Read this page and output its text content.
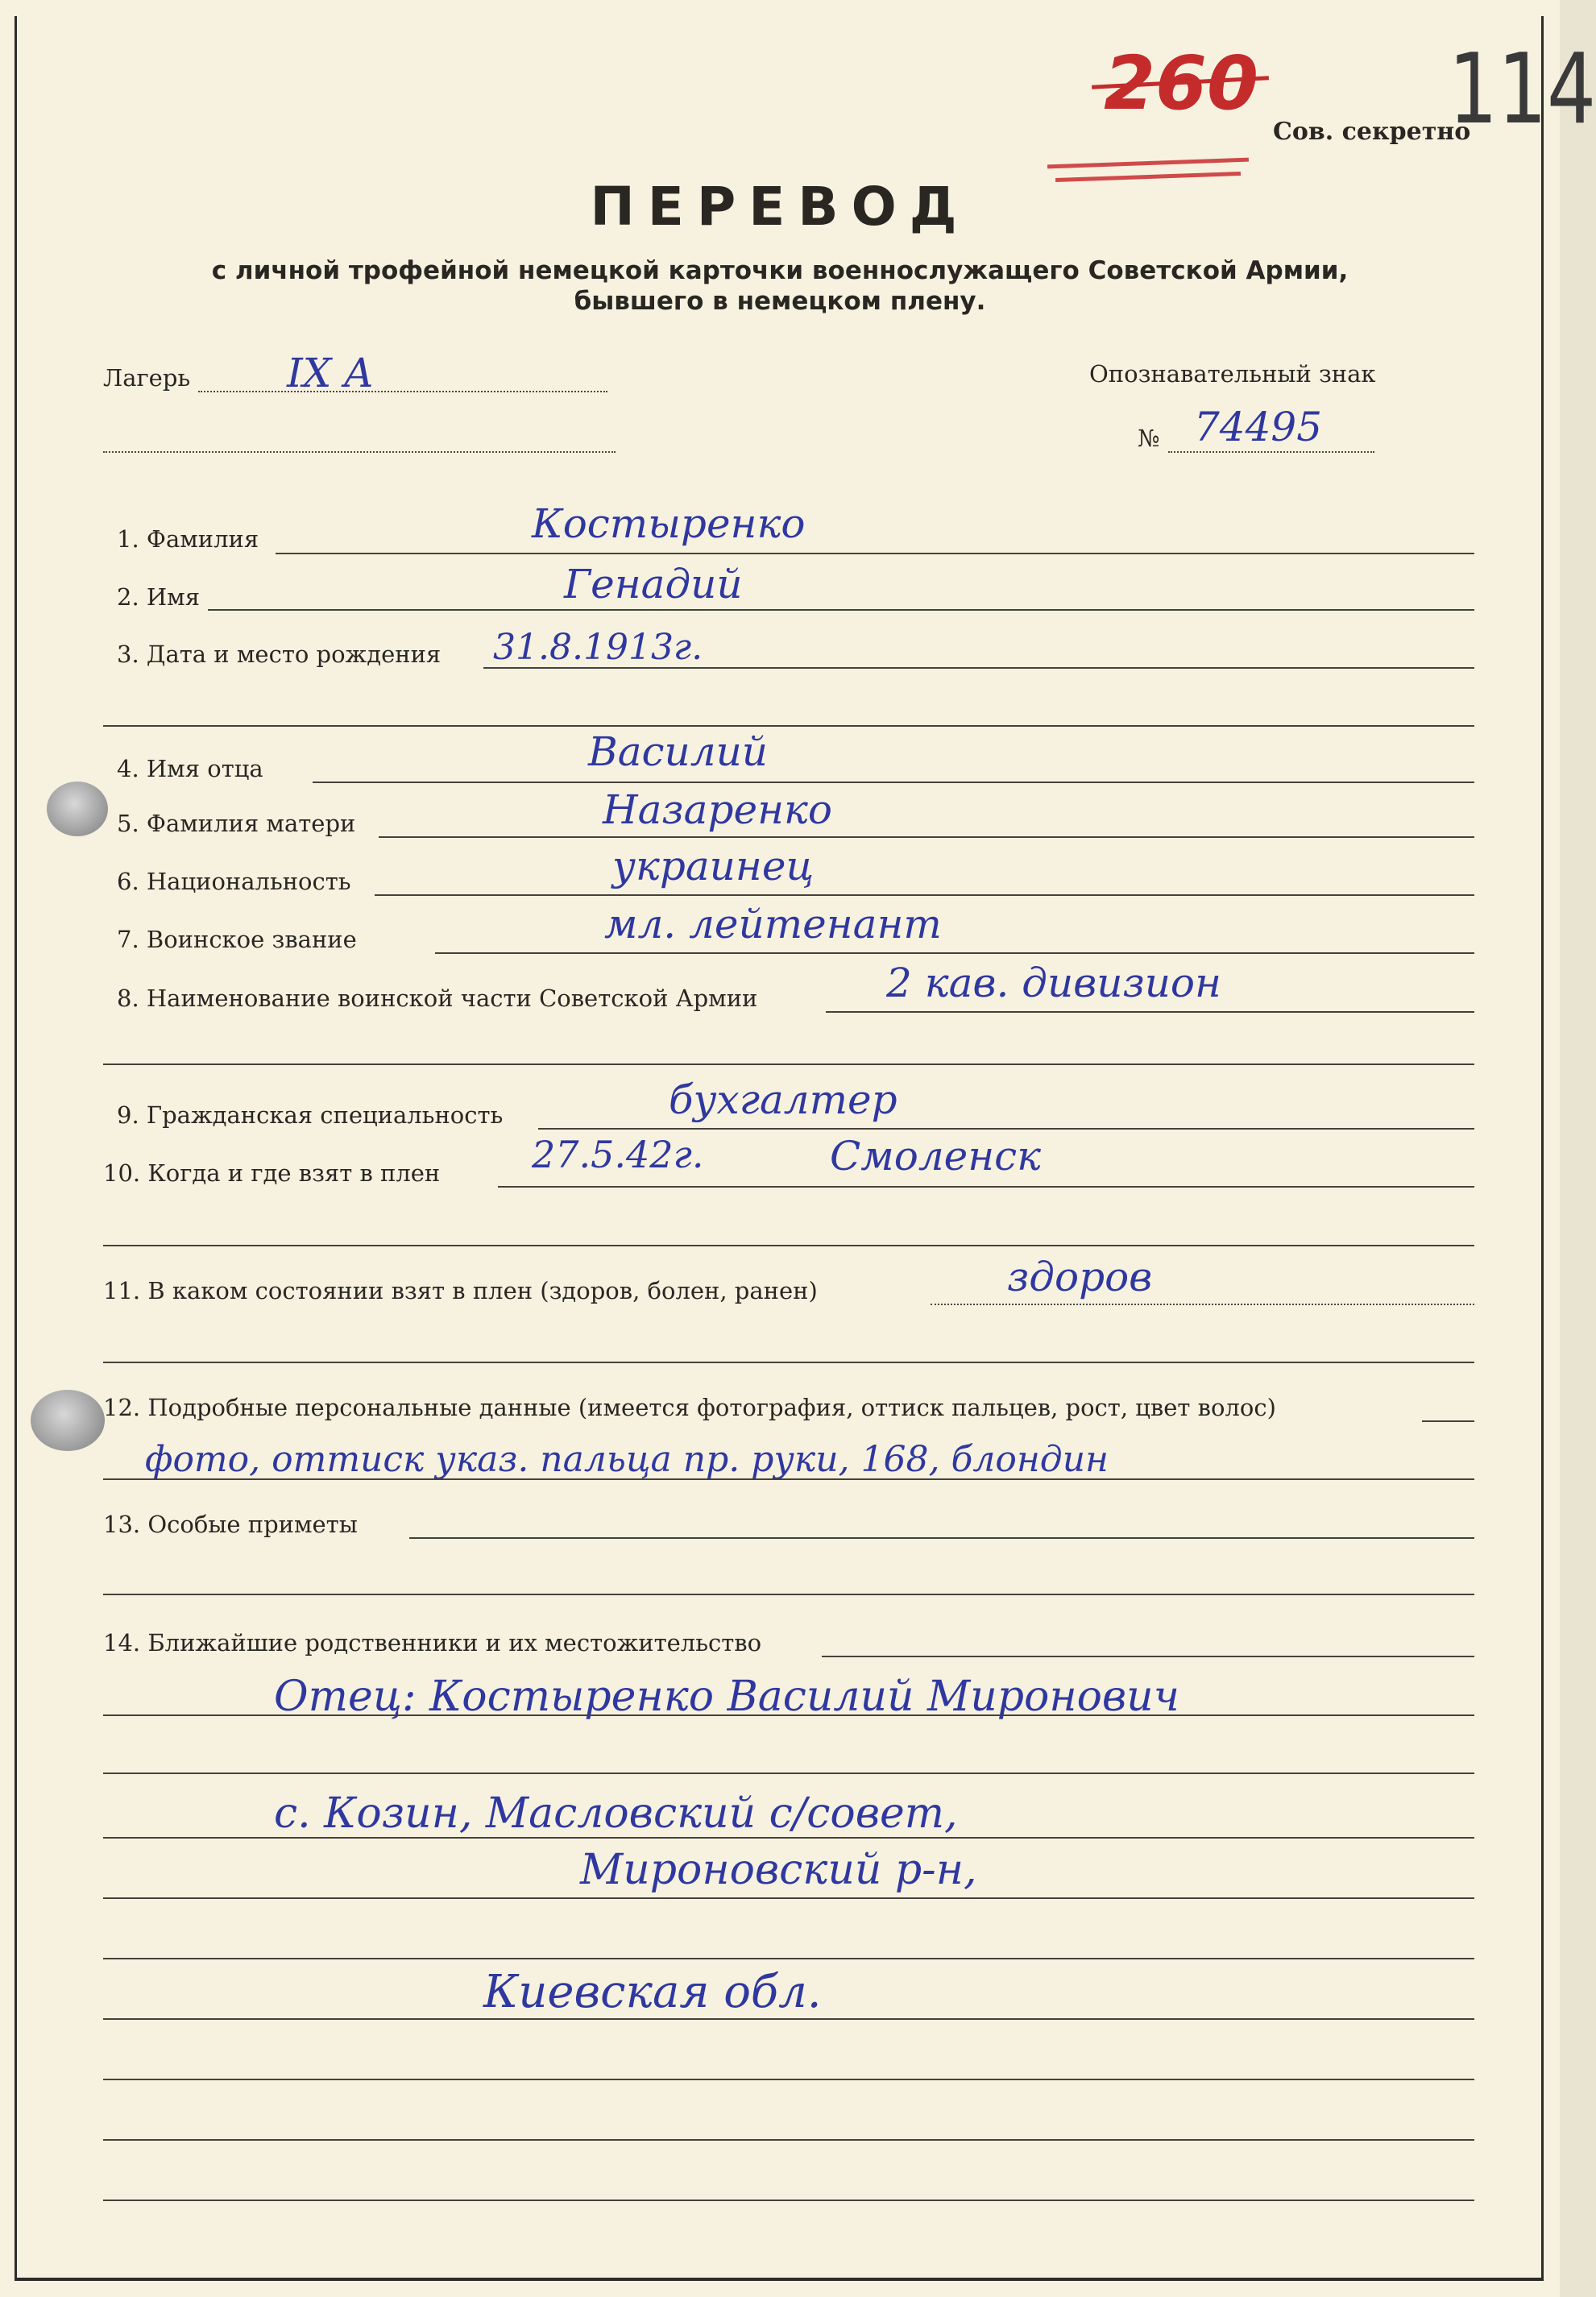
260
Сов. секретно
114
ПЕРЕВОД
с личной трофейной немецкой карточки военнослужащего Советской Армии,
бывшего в немецком плену.
Лагерь IX A	Опознавательный знак
№ 74495
1. Фамилия	Костыренко
2. Имя	Генадий
3. Дата и место рождения 31.8.1913г.
4. Имя отца	Василий
5. Фамилия матери	Назаренко
6. Национальность	украинец
7. Воинское звание	мл. лейтенант
8. Наименование воинской части Советской Армии	2 кав. дивизион
9. Гражданская специальность	бухгалтер
10. Когда и где взят в плен 27.5.42г.	Смоленск
11. В каком состоянии взят в плен (здоров, болен, ранен)	здоров
12. Подробные персональные данные (имеется фотография, оттиск пальцев, рост, цвет волос)
фото, оттиск указ. пальца пр. руки, 168, блондин
13. Особые приметы
14. Ближайшие родственники и их местожительство
Отец: Костыренко Василий Миронович
с. Козин, Масловский с/совет,
Мироновский р-н,
Киевская обл.
